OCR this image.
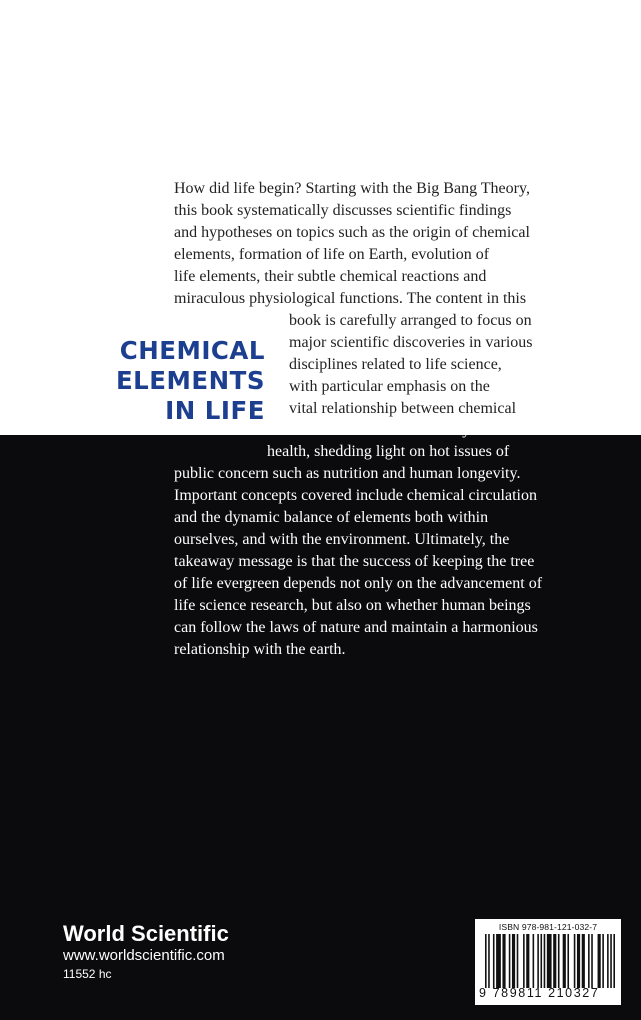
CHEMICAL
ELEMENTS
IN LIFE
How did life begin? Starting with the Big Bang Theory,
this book systematically discusses scientific findings
and hypotheses on topics such as the origin of chemical
elements, formation of life on Earth, evolution of
life elements, their subtle chemical reactions and
miraculous physiological functions. The content in this
book is carefully arranged to focus on
major scientific discoveries in various
disciplines related to life science,
with particular emphasis on the
vital relationship between chemical
reactions in the human body and
health, shedding light on hot issues of
public concern such as nutrition and human longevity.
Important concepts covered include chemical circulation
and the dynamic balance of elements both within
ourselves, and with the environment. Ultimately, the
takeaway message is that the success of keeping the tree
of life evergreen depends not only on the advancement of
life science research, but also on whether human beings
can follow the laws of nature and maintain a harmonious
relationship with the earth.
World Scientific
www.worldscientific.com
11552 hc
ISBN 978-981-121-032-7
9 789811 210327
